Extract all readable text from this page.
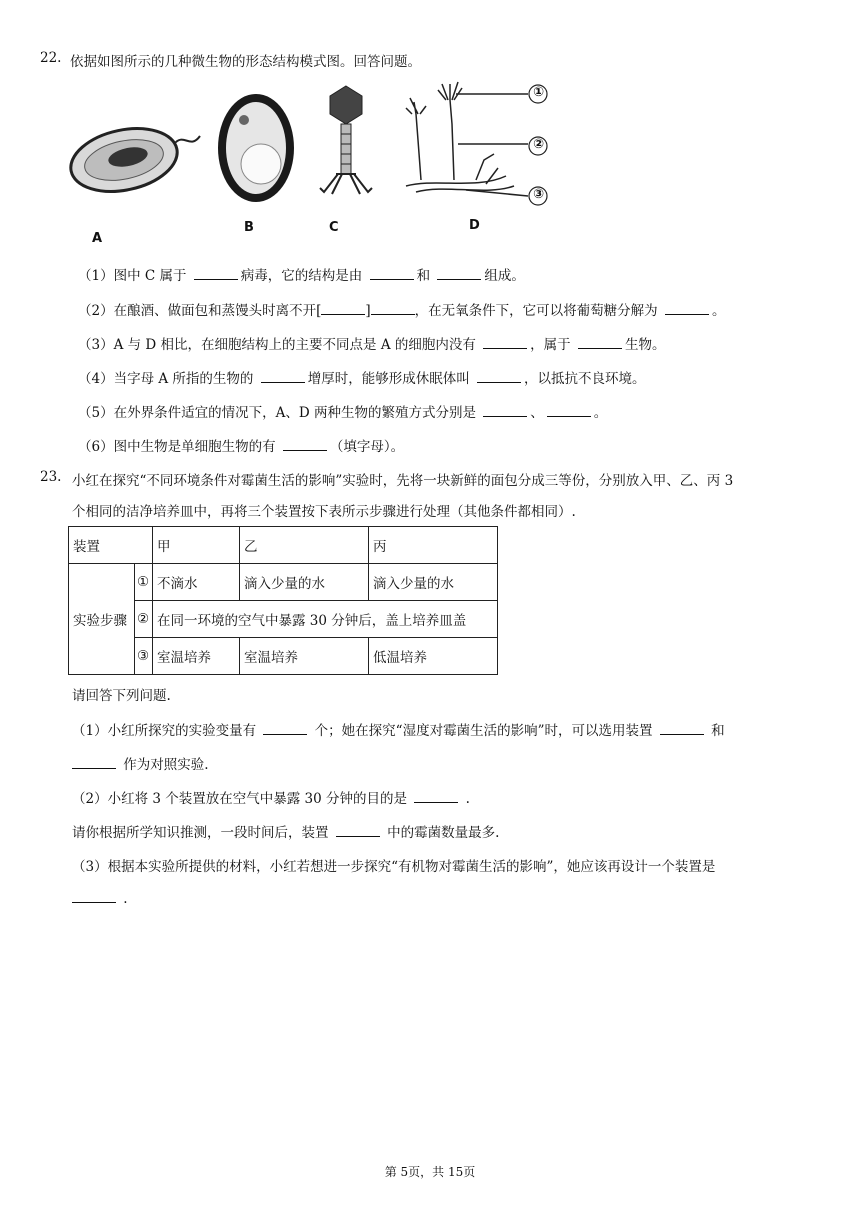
22. 依据如图所示的几种微生物的形态结构模式图。回答问题。
①
②
③
A
B	C	D
（1）图中 C 属于	病毒，它的结构是由	和	组成。
（2）在酿酒、做面包和蒸馒头时离不开[	]	，在无氧条件下，它可以将葡萄糖分解为	。
（3）A 与 D 相比，在细胞结构上的主要不同点是 A 的细胞内没有	，属于	生物。
（4）当字母 A 所指的生物的	增厚时，能够形成休眠体叫	，以抵抗不良环境。
（5）在外界条件适宜的情况下，A、D 两种生物的繁殖方式分别是	、	。
（6）图中生物是单细胞生物的有	（填字母）。
23. 小红在探究“不同环境条件对霉菌生活的影响”实验时，先将一块新鲜的面包分成三等份，分别放入甲、乙、丙 3
个相同的洁净培养皿中，再将三个装置按下表所示步骤进行处理（其他条件都相同）.
装置		甲	乙	丙
实验步骤	①	不滴水	滴入少量的水	滴入少量的水
	②	在同一环境的空气中暴露 30 分钟后，盖上培养皿盖		
	③	室温培养	室温培养	低温培养
请回答下列问题.
（1）小红所探究的实验变量有	个；她在探究“湿度对霉菌生活的影响”时，可以选用装置	和
作为对照实验.
（2）小红将 3 个装置放在空气中暴露 30 分钟的目的是	.
请你根据所学知识推测，一段时间后，装置	中的霉菌数量最多.
（3）根据本实验所提供的材料，小红若想进一步探究“有机物对霉菌生活的影响”，她应该再设计一个装置是
.
第 5页，共 15页
